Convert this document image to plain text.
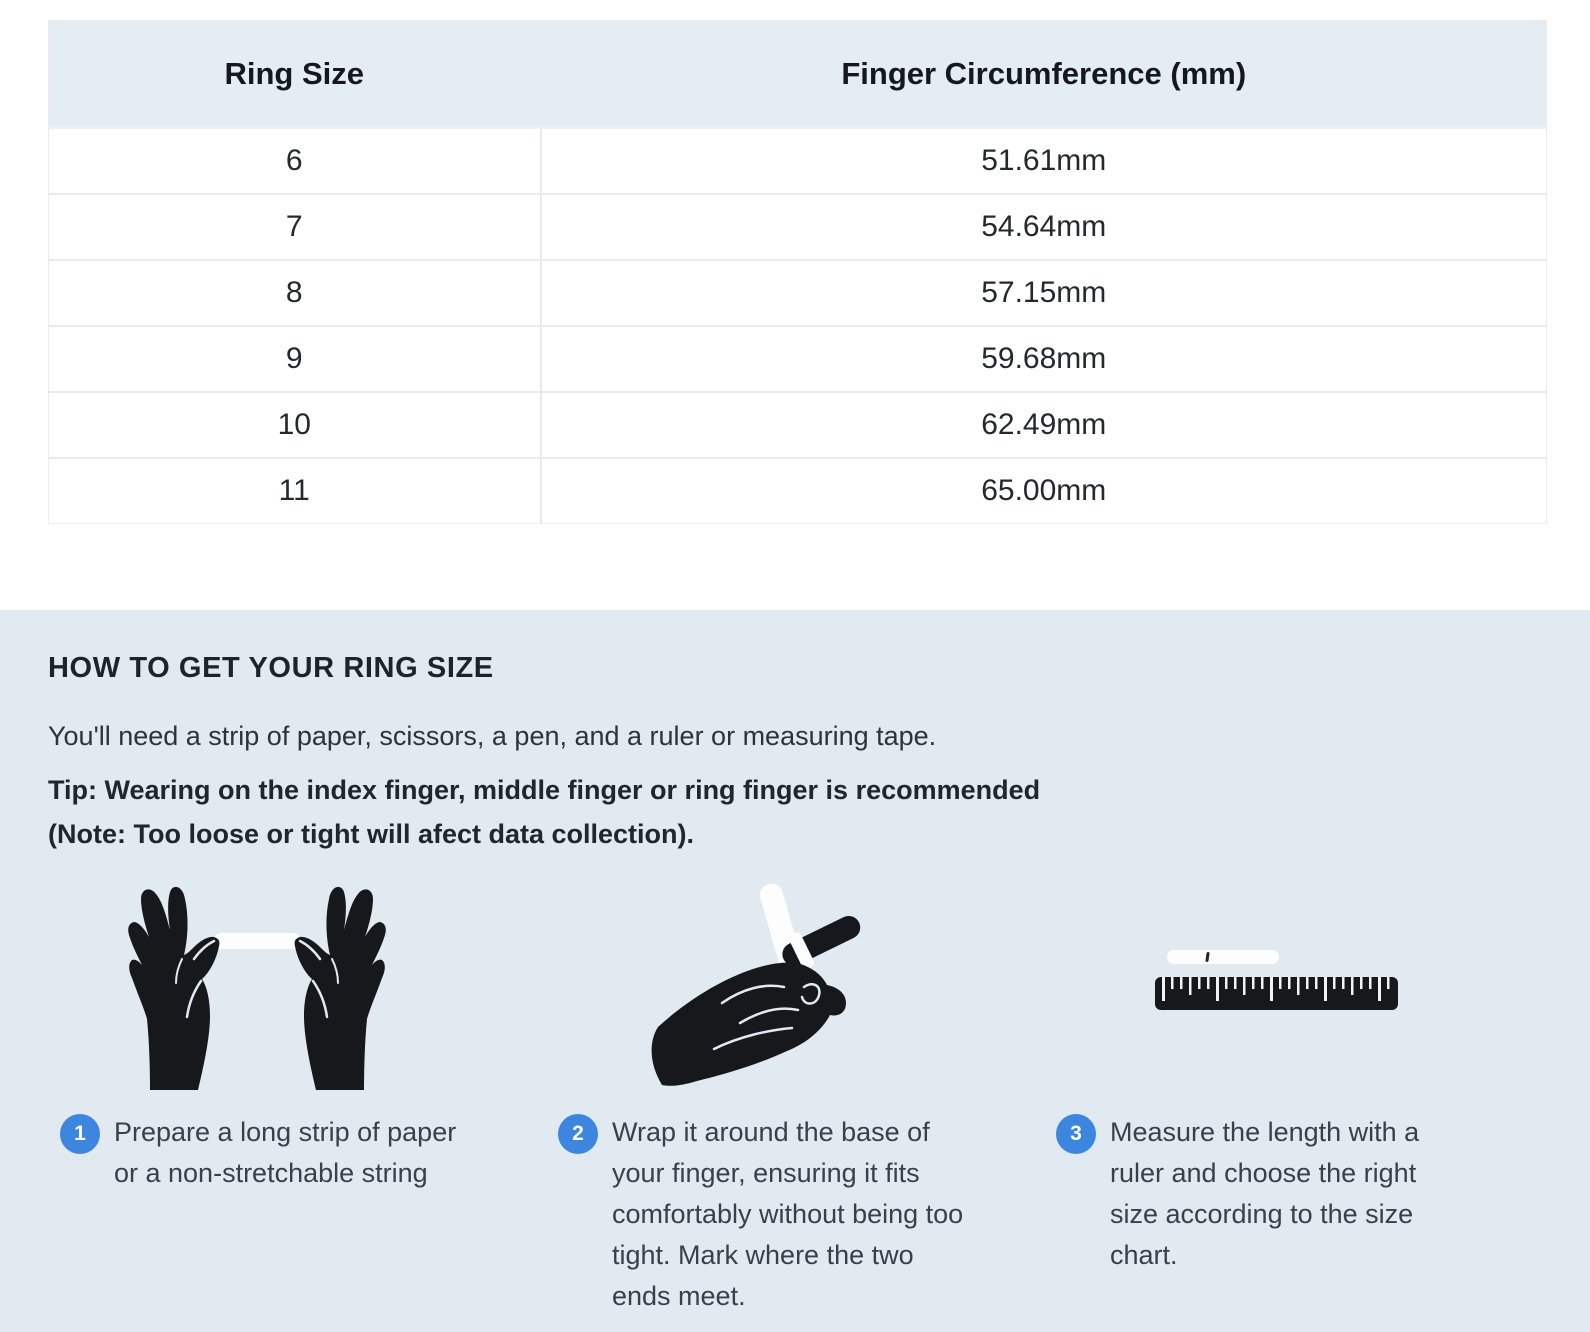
Ring Size	Finger Circumference (mm)
6	51.61mm
7	54.64mm
8	57.15mm
9	59.68mm
10	62.49mm
11	65.00mm
HOW TO GET YOUR RING SIZE

You'll need a strip of paper, scissors, a pen, and a ruler or measuring tape.

Tip: Wearing on the index finger, middle finger or ring finger is recommended

(Note: Too loose or tight will afect data collection).

1	Prepare a long strip of paper or a non-stretchable string
2	Wrap it around the base of your finger, ensuring it fits comfortably without being too tight. Mark where the two ends meet.
3	Measure the length with a ruler and choose the right size according to the size chart.
